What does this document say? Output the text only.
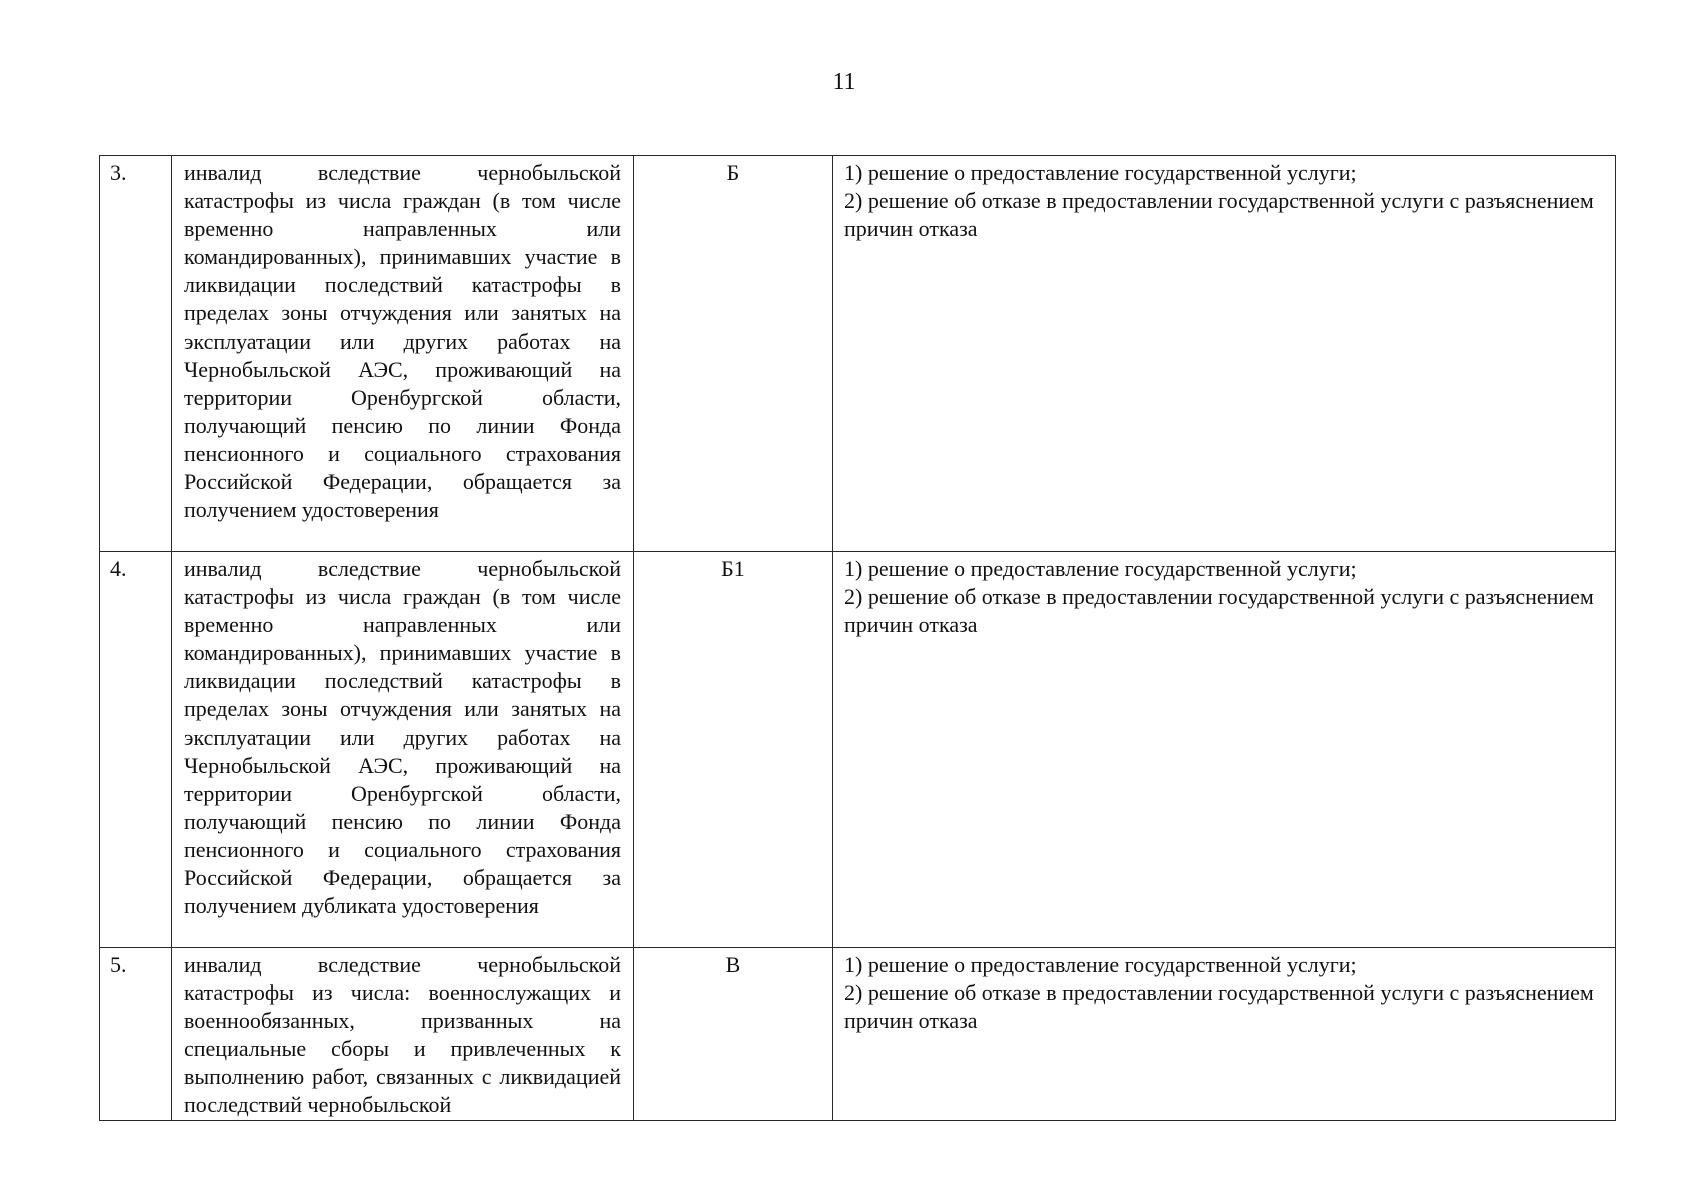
11
3.	инвалид вследствие чернобыльской катастрофы из числа граждан (в том числе временно направленных или командированных), принимавших участие в ликвидации последствий катастрофы в пределах зоны отчуждения или занятых на эксплуатации или других работах на Чернобыльской АЭС, проживающий на территории Оренбургской области, получающий пенсию по линии Фонда пенсионного и социального страхования Российской Федерации, обращается за получением удостоверения	Б	1) решение о предоставление государственной услуги;
2) решение об отказе в предоставлении государственной услуги с разъяснением причин отказа

4.	инвалид вследствие чернобыльской катастрофы из числа граждан (в том числе временно направленных или командированных), принимавших участие в ликвидации последствий катастрофы в пределах зоны отчуждения или занятых на эксплуатации или других работах на Чернобыльской АЭС, проживающий на территории Оренбургской области, получающий пенсию по линии Фонда пенсионного и социального страхования Российской Федерации, обращается за получением дубликата удостоверения	Б1	1) решение о предоставление государственной услуги;
2) решение об отказе в предоставлении государственной услуги с разъяснением причин отказа

5.	инвалид вследствие чернобыльской катастрофы из числа: военнослужащих и военнообязанных, призванных на специальные сборы и привлеченных к выполнению работ, связанных с ликвидацией последствий чернобыльской	В	1) решение о предоставление государственной услуги;
2) решение об отказе в предоставлении государственной услуги с разъяснением причин отказа
